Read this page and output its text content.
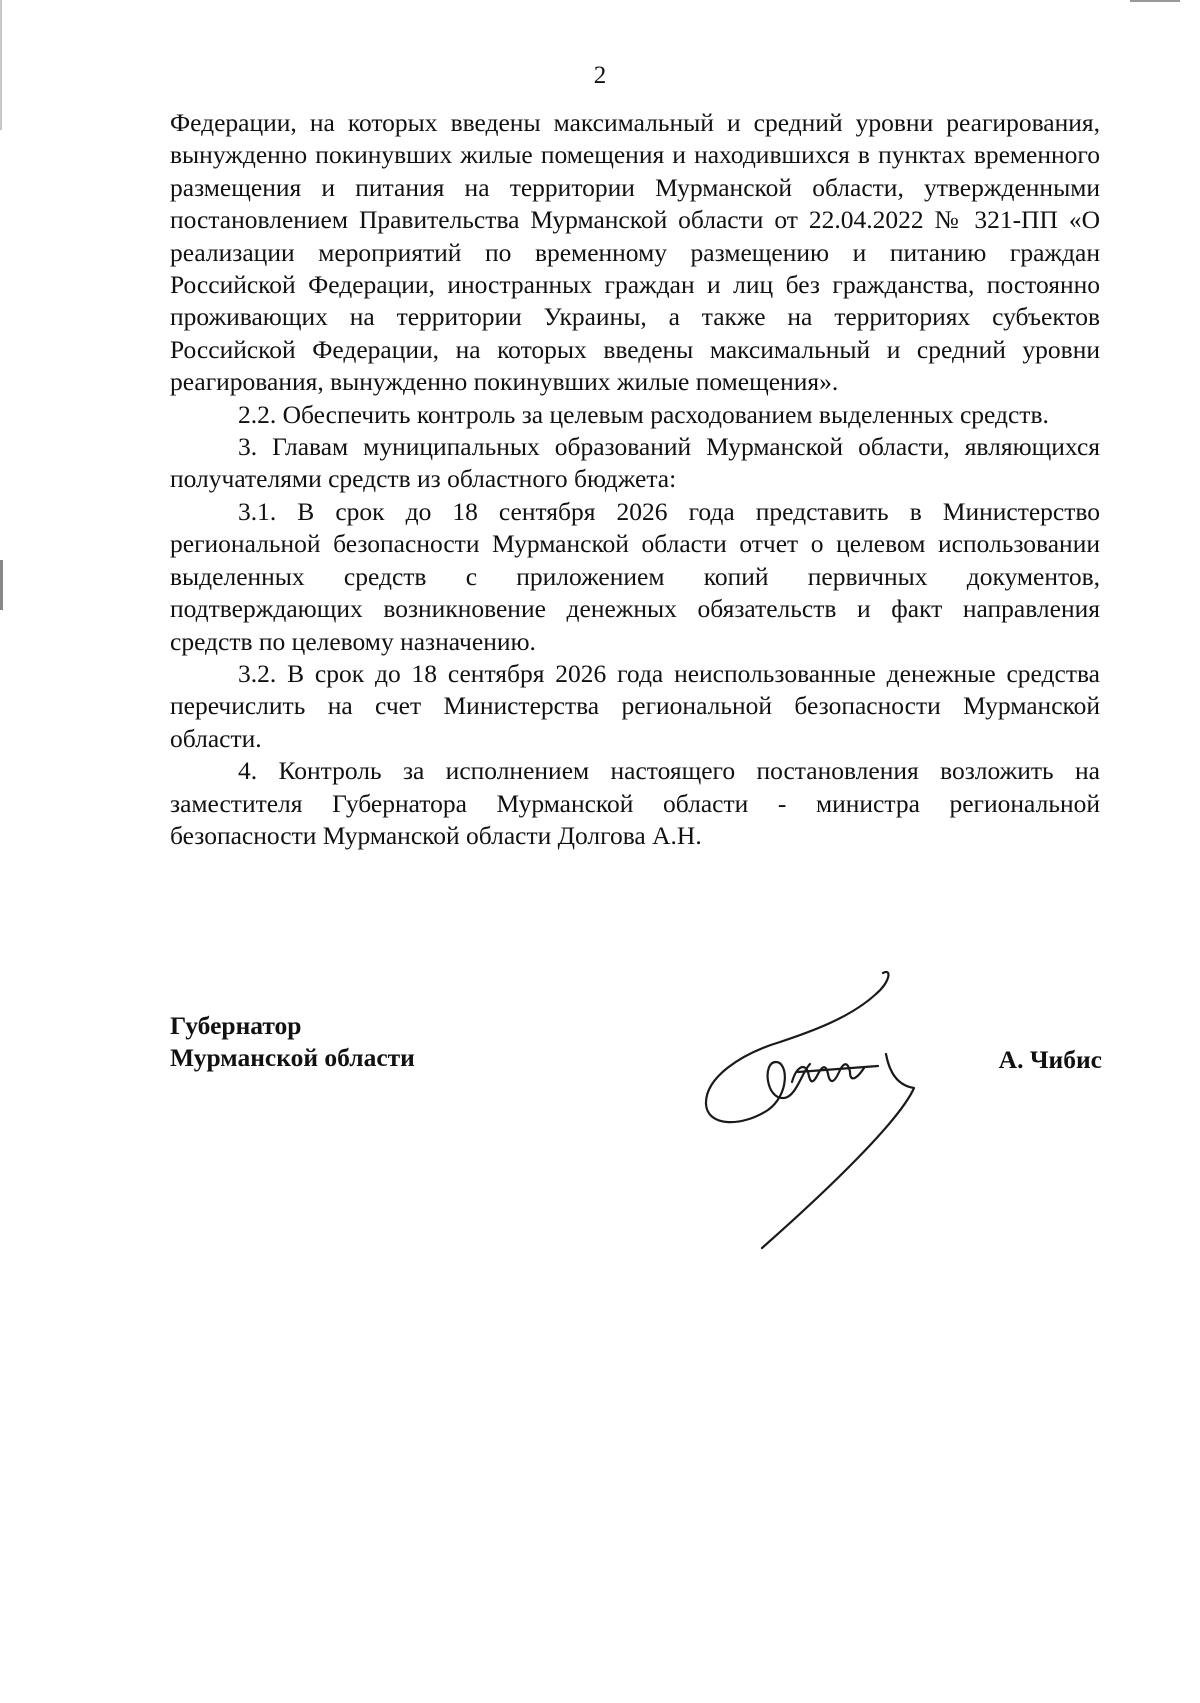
2

Федерации, на которых введены максимальный и средний уровни реагирования, вынужденно покинувших жилые помещения и находившихся в пунктах временного размещения и питания на территории Мурманской области, утвержденными постановлением Правительства Мурманской области от 22.04.2022 № 321-ПП «О реализации мероприятий по временному размещению и питанию граждан Российской Федерации, иностранных граждан и лиц без гражданства, постоянно проживающих на территории Украины, а также на территориях субъектов Российской Федерации, на которых введены максимальный и средний уровни реагирования, вынужденно покинувших жилые помещения».

2.2. Обеспечить контроль за целевым расходованием выделенных средств.

3. Главам муниципальных образований Мурманской области, являющихся получателями средств из областного бюджета:

3.1. В срок до 18 сентября 2026 года представить в Министерство региональной безопасности Мурманской области отчет о целевом использовании выделенных средств с приложением копий первичных документов, подтверждающих возникновение денежных обязательств и факт направления средств по целевому назначению.

3.2. В срок до 18 сентября 2026 года неиспользованные денежные средства перечислить на счет Министерства региональной безопасности Мурманской области.

4. Контроль за исполнением настоящего постановления возложить на заместителя Губернатора Мурманской области - министра региональной безопасности Мурманской области Долгова А.Н.

Губернатор
Мурманской области	А. Чибис
